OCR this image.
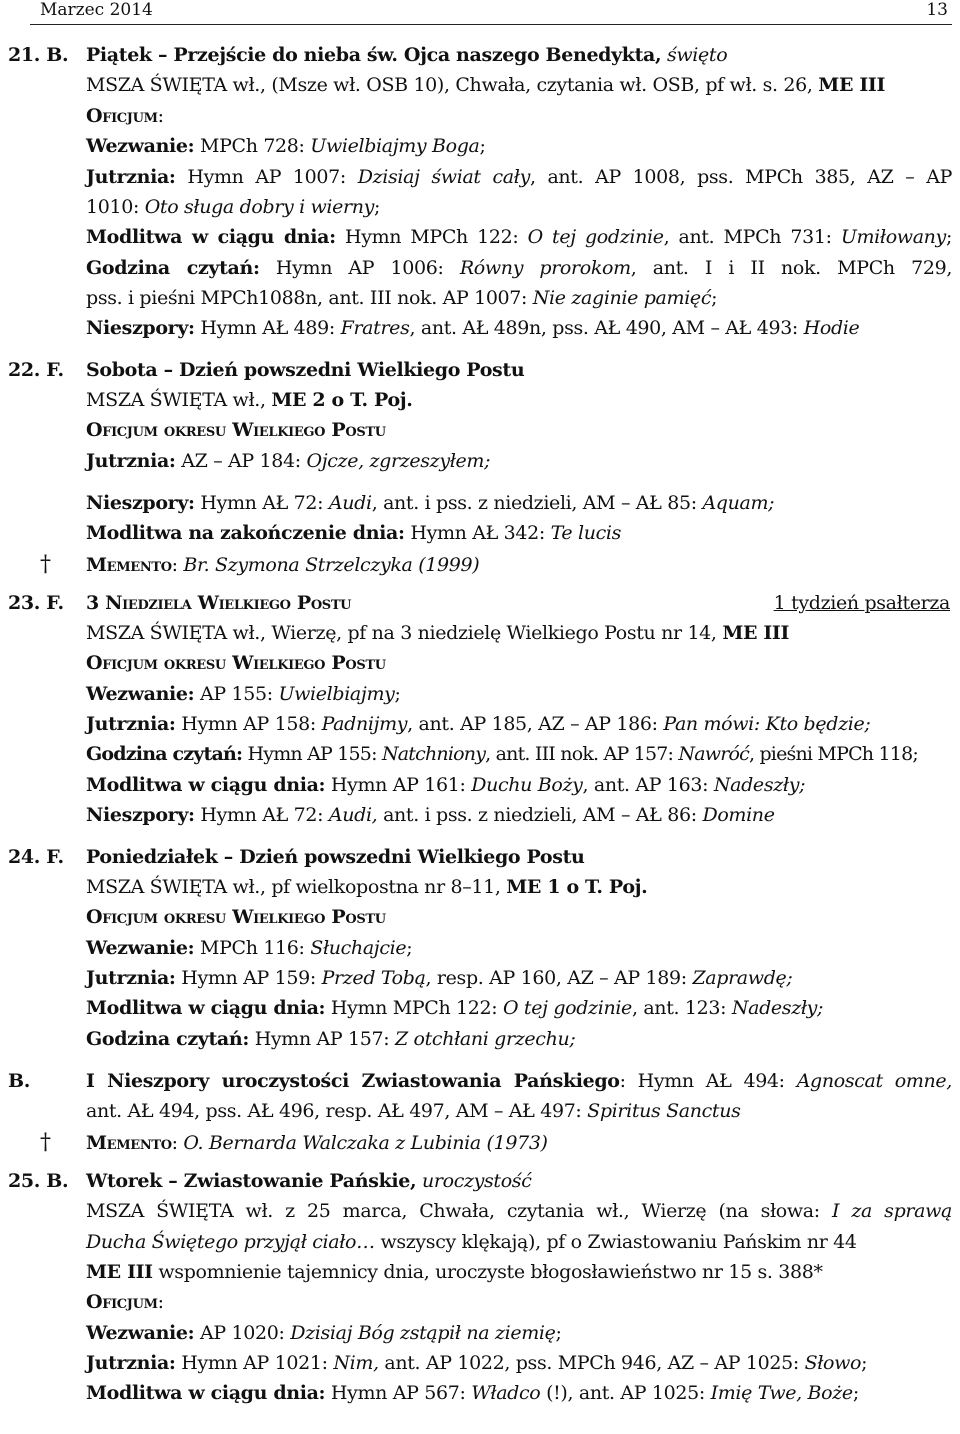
Marzec 2014	13
21. B. Piątek – Przejście do nieba św. Ojca naszego Benedykta, święto
MSZA ŚWIĘTA wł., (Msze wł. OSB 10), Chwała, czytania wł. OSB, pf wł. s. 26, ME III
Oficjum:
Wezwanie: MPCh 728: Uwielbiajmy Boga;
Jutrznia: Hymn AP 1007: Dzisiaj świat cały, ant. AP 1008, pss. MPCh 385, AZ – AP
1010: Oto sługa dobry i wierny;
Modlitwa w ciągu dnia: Hymn MPCh 122: O tej godzinie, ant. MPCh 731: Umiłowany;
Godzina czytań: Hymn AP 1006: Równy prorokom, ant. I i II nok. MPCh 729,
pss. i pieśni MPCh1088n, ant. III nok. AP 1007: Nie zaginie pamięć;
Nieszpory: Hymn AŁ 489: Fratres, ant. AŁ 489n, pss. AŁ 490, AM – AŁ 493: Hodie
22. F. Sobota – Dzień powszedni Wielkiego Postu
MSZA ŚWIĘTA wł., ME 2 o T. Poj.
Oficjum okresu Wielkiego Postu
Jutrznia: AZ – AP 184: Ojcze, zgrzeszyłem;
Nieszpory: Hymn AŁ 72: Audi, ant. i pss. z niedzieli, AM – AŁ 85: Aquam;
Modlitwa na zakończenie dnia: Hymn AŁ 342: Te lucis
† Memento: Br. Szymona Strzelczyka (1999)
23. F. 3 Niedziela Wielkiego Postu	1 tydzień psałterza
MSZA ŚWIĘTA wł., Wierzę, pf na 3 niedzielę Wielkiego Postu nr 14, ME III
Oficjum okresu Wielkiego Postu
Wezwanie: AP 155: Uwielbiajmy;
Jutrznia: Hymn AP 158: Padnijmy, ant. AP 185, AZ – AP 186: Pan mówi: Kto będzie;
Godzina czytań: Hymn AP 155: Natchniony, ant. III nok. AP 157: Nawróć, pieśni MPCh 118;
Modlitwa w ciągu dnia: Hymn AP 161: Duchu Boży, ant. AP 163: Nadeszły;
Nieszpory: Hymn AŁ 72: Audi, ant. i pss. z niedzieli, AM – AŁ 86: Domine
24. F. Poniedziałek – Dzień powszedni Wielkiego Postu
MSZA ŚWIĘTA wł., pf wielkopostna nr 8–11, ME 1 o T. Poj.
Oficjum okresu Wielkiego Postu
Wezwanie: MPCh 116: Słuchajcie;
Jutrznia: Hymn AP 159: Przed Tobą, resp. AP 160, AZ – AP 189: Zaprawdę;
Modlitwa w ciągu dnia: Hymn MPCh 122: O tej godzinie, ant. 123: Nadeszły;
Godzina czytań: Hymn AP 157: Z otchłani grzechu;
B.	I Nieszpory uroczystości Zwiastowania Pańskiego: Hymn AŁ 494: Agnoscat omne,
ant. AŁ 494, pss. AŁ 496, resp. AŁ 497, AM – AŁ 497: Spiritus Sanctus
† Memento: O. Bernarda Walczaka z Lubinia (1973)
25. B. Wtorek – Zwiastowanie Pańskie, uroczystość
MSZA ŚWIĘTA wł. z 25 marca, Chwała, czytania wł., Wierzę (na słowa: I za sprawą
Ducha Świętego przyjął ciało… wszyscy klękają), pf o Zwiastowaniu Pańskim nr 44
ME III wspomnienie tajemnicy dnia, uroczyste błogosławieństwo nr 15 s. 388*
Oficjum:
Wezwanie: AP 1020: Dzisiaj Bóg zstąpił na ziemię;
Jutrznia: Hymn AP 1021: Nim, ant. AP 1022, pss. MPCh 946, AZ – AP 1025: Słowo;
Modlitwa w ciągu dnia: Hymn AP 567: Władco (!), ant. AP 1025: Imię Twe, Boże;
